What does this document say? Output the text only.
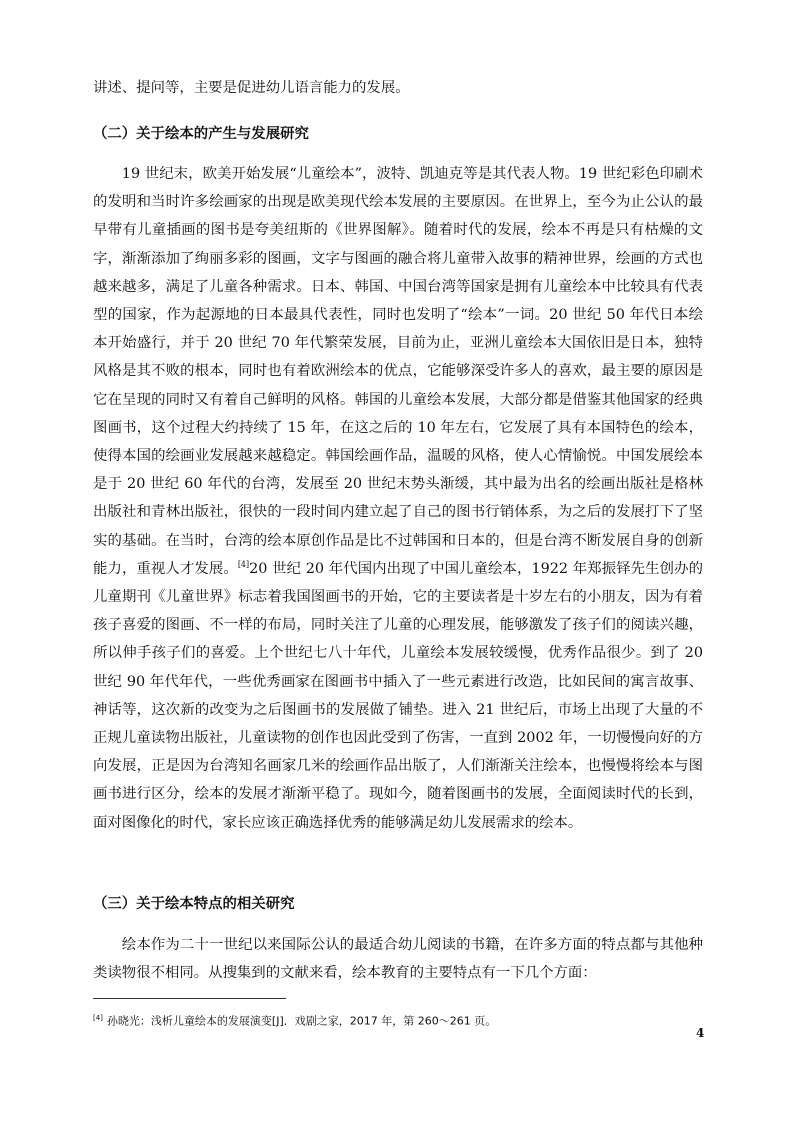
讲述、提问等，主要是促进幼儿语言能力的发展。

（二）关于绘本的产生与发展研究

19 世纪末，欧美开始发展“儿童绘本”，波特、凯迪克等是其代表人物。19 世纪彩色印刷术的发明和当时许多绘画家的出现是欧美现代绘本发展的主要原因。在世界上，至今为止公认的最早带有儿童插画的图书是夸美纽斯的《世界图解》。随着时代的发展，绘本不再是只有枯燥的文字，渐渐添加了绚丽多彩的图画，文字与图画的融合将儿童带入故事的精神世界，绘画的方式也越来越多，满足了儿童各种需求。日本、韩国、中国台湾等国家是拥有儿童绘本中比较具有代表型的国家，作为起源地的日本最具代表性，同时也发明了“绘本”一词。20 世纪 50 年代日本绘本开始盛行，并于 20 世纪 70 年代繁荣发展，目前为止，亚洲儿童绘本大国依旧是日本，独特风格是其不败的根本，同时也有着欧洲绘本的优点，它能够深受许多人的喜欢，最主要的原因是它在呈现的同时又有着自己鲜明的风格。韩国的儿童绘本发展，大部分都是借鉴其他国家的经典图画书，这个过程大约持续了 15 年，在这之后的 10 年左右，它发展了具有本国特色的绘本，使得本国的绘画业发展越来越稳定。韩国绘画作品，温暖的风格，使人心情愉悦。中国发展绘本是于 20 世纪 60 年代的台湾，发展至 20 世纪末势头渐缓，其中最为出名的绘画出版社是格林出版社和青林出版社，很快的一段时间内建立起了自己的图书行销体系，为之后的发展打下了坚实的基础。在当时，台湾的绘本原创作品是比不过韩国和日本的，但是台湾不断发展自身的创新能力，重视人才发展。[4]20 世纪 20 年代国内出现了中国儿童绘本，1922 年郑振铎先生创办的儿童期刊《儿童世界》标志着我国图画书的开始，它的主要读者是十岁左右的小朋友，因为有着孩子喜爱的图画、不一样的布局，同时关注了儿童的心理发展，能够激发了孩子们的阅读兴趣，所以伸手孩子们的喜爱。上个世纪七八十年代，儿童绘本发展较缓慢，优秀作品很少。到了 20 世纪 90 年代年代，一些优秀画家在图画书中插入了一些元素进行改造，比如民间的寓言故事、神话等，这次新的改变为之后图画书的发展做了铺垫。进入 21 世纪后，市场上出现了大量的不正规儿童读物出版社，儿童读物的创作也因此受到了伤害，一直到 2002 年，一切慢慢向好的方向发展，正是因为台湾知名画家几米的绘画作品出版了，人们渐渐关注绘本，也慢慢将绘本与图画书进行区分，绘本的发展才渐渐平稳了。现如今，随着图画书的发展，全面阅读时代的长到，面对图像化的时代，家长应该正确选择优秀的能够满足幼儿发展需求的绘本。

（三）关于绘本特点的相关研究

绘本作为二十一世纪以来国际公认的最适合幼儿阅读的书籍，在许多方面的特点都与其他种类读物很不相同。从搜集到的文献来看，绘本教育的主要特点有一下几个方面：

[4] 孙晓光：浅析儿童绘本的发展演变[J]．戏剧之家，2017 年，第 260～261 页。
4
